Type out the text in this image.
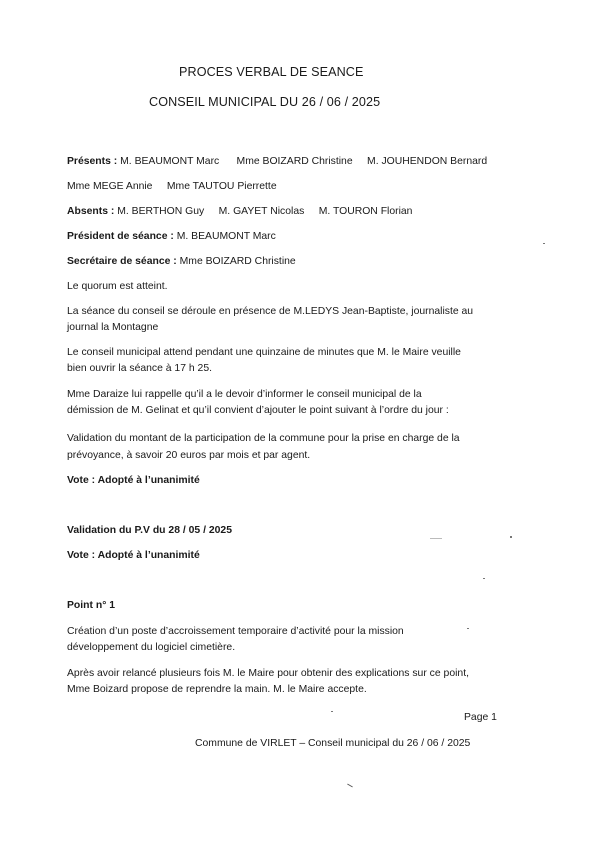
PROCES VERBAL DE SEANCE
CONSEIL MUNICIPAL DU 26 / 06 / 2025
Présents : M. BEAUMONT Marc      Mme BOIZARD Christine     M. JOUHENDON Bernard
Mme MEGE Annie     Mme TAUTOU Pierrette
Absents : M. BERTHON Guy     M. GAYET Nicolas     M. TOURON Florian
Président de séance : M. BEAUMONT Marc
Secrétaire de séance : Mme BOIZARD Christine
Le quorum est atteint.
La séance du conseil se déroule en présence de M.LEDYS Jean-Baptiste, journaliste au
journal la Montagne
Le conseil municipal attend pendant une quinzaine de minutes que M. le Maire veuille
bien ouvrir la séance à 17 h 25.
Mme Daraize lui rappelle qu’il a le devoir d’informer le conseil municipal de la
démission de M. Gelinat et qu’il convient d’ajouter le point suivant à l’ordre du jour :
Validation du montant de la participation de la commune pour la prise en charge de la
prévoyance, à savoir 20 euros par mois et par agent.
Vote : Adopté à l’unanimité
Validation du P.V du 28 / 05 / 2025
Vote : Adopté à l’unanimité
Point n° 1
Création d’un poste d’accroissement temporaire d’activité pour la mission
développement du logiciel cimetière.
Après avoir relancé plusieurs fois M. le Maire pour obtenir des explications sur ce point,
Mme Boizard propose de reprendre la main. M. le Maire accepte.
Page 1
Commune de VIRLET – Conseil municipal du 26 / 06 / 2025
